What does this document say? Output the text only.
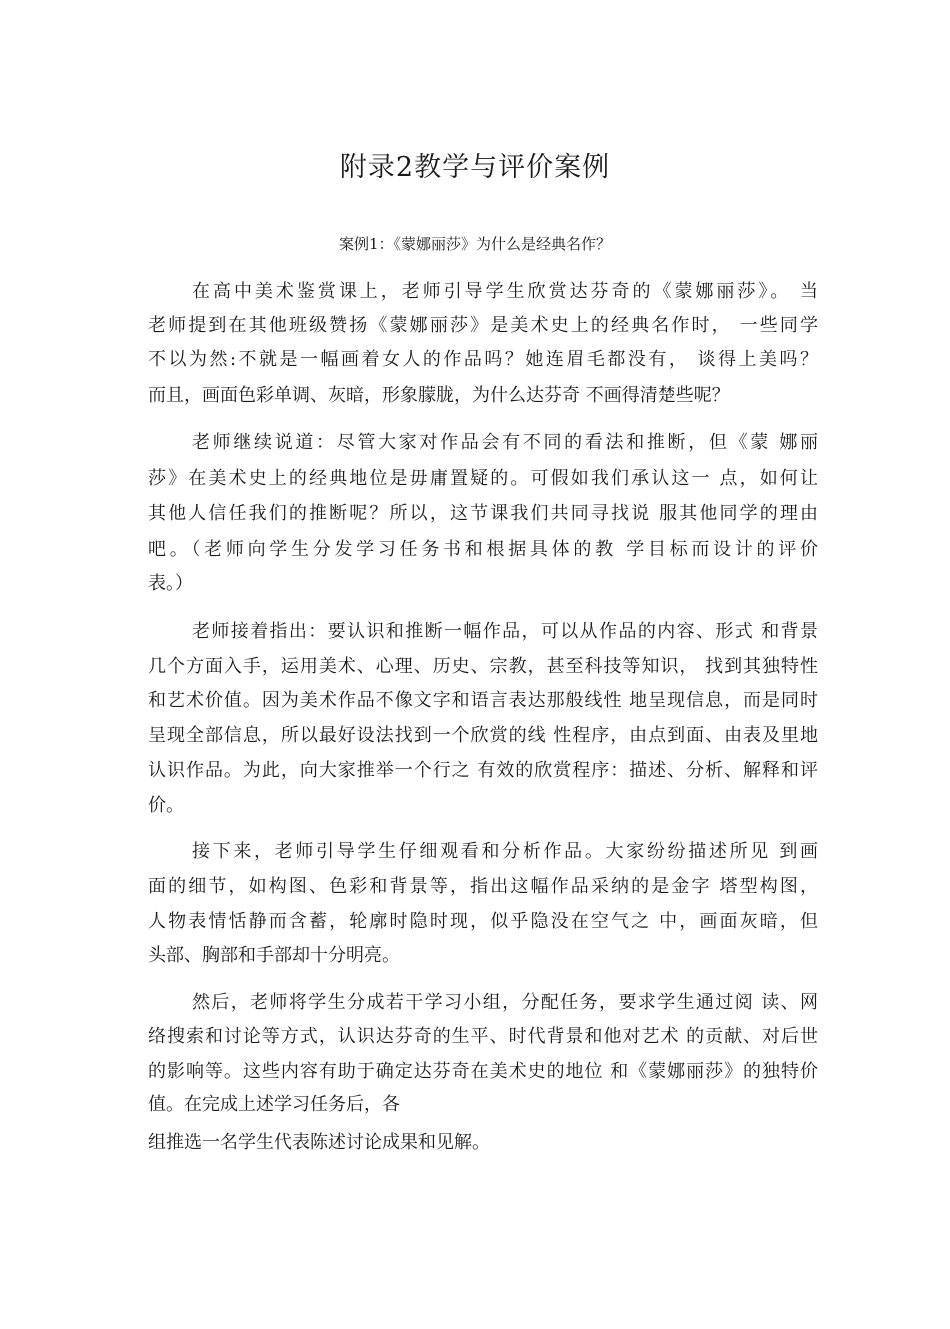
附录2教学与评价案例
案例1：《蒙娜丽莎》为什么是经典名作？
在高中美术鉴赏课上，老师引导学生欣赏达芬奇的《蒙娜丽莎》。 当
老师提到在其他班级赞扬《蒙娜丽莎》是美术史上的经典名作时， 一些同学
不以为然:不就是一幅画着女人的作品吗？她连眉毛都没有， 谈得上美吗？
而且，画面色彩单调、灰暗，形象朦胧，为什么达芬奇 不画得清楚些呢？
老师继续说道：尽管大家对作品会有不同的看法和推断，但《蒙 娜丽
莎》在美术史上的经典地位是毋庸置疑的。可假如我们承认这一 点，如何让
其他人信任我们的推断呢？所以，这节课我们共同寻找说 服其他同学的理由
吧。（老师向学生分发学习任务书和根据具体的教 学目标而设计的评价
表。）
老师接着指出：要认识和推断一幅作品，可以从作品的内容、形式 和背景
几个方面入手，运用美术、心理、历史、宗教，甚至科技等知识， 找到其独特性
和艺术价值。因为美术作品不像文字和语言表达那般线性 地呈现信息，而是同时
呈现全部信息，所以最好设法找到一个欣赏的线 性程序，由点到面、由表及里地
认识作品。为此，向大家推举一个行之 有效的欣赏程序：描述、分析、解释和评
价。
接下来，老师引导学生仔细观看和分析作品。大家纷纷描述所见 到画
面的细节，如构图、色彩和背景等，指出这幅作品采纳的是金字 塔型构图，
人物表情恬静而含蓄，轮廓时隐时现，似乎隐没在空气之 中，画面灰暗，但
头部、胸部和手部却十分明亮。
然后，老师将学生分成若干学习小组，分配任务，要求学生通过阅 读、网
络搜索和讨论等方式，认识达芬奇的生平、时代背景和他对艺术 的贡献、对后世
的影响等。这些内容有助于确定达芬奇在美术史的地位 和《蒙娜丽莎》的独特价
值。在完成上述学习任务后，各
组推选一名学生代表陈述讨论成果和见解。
